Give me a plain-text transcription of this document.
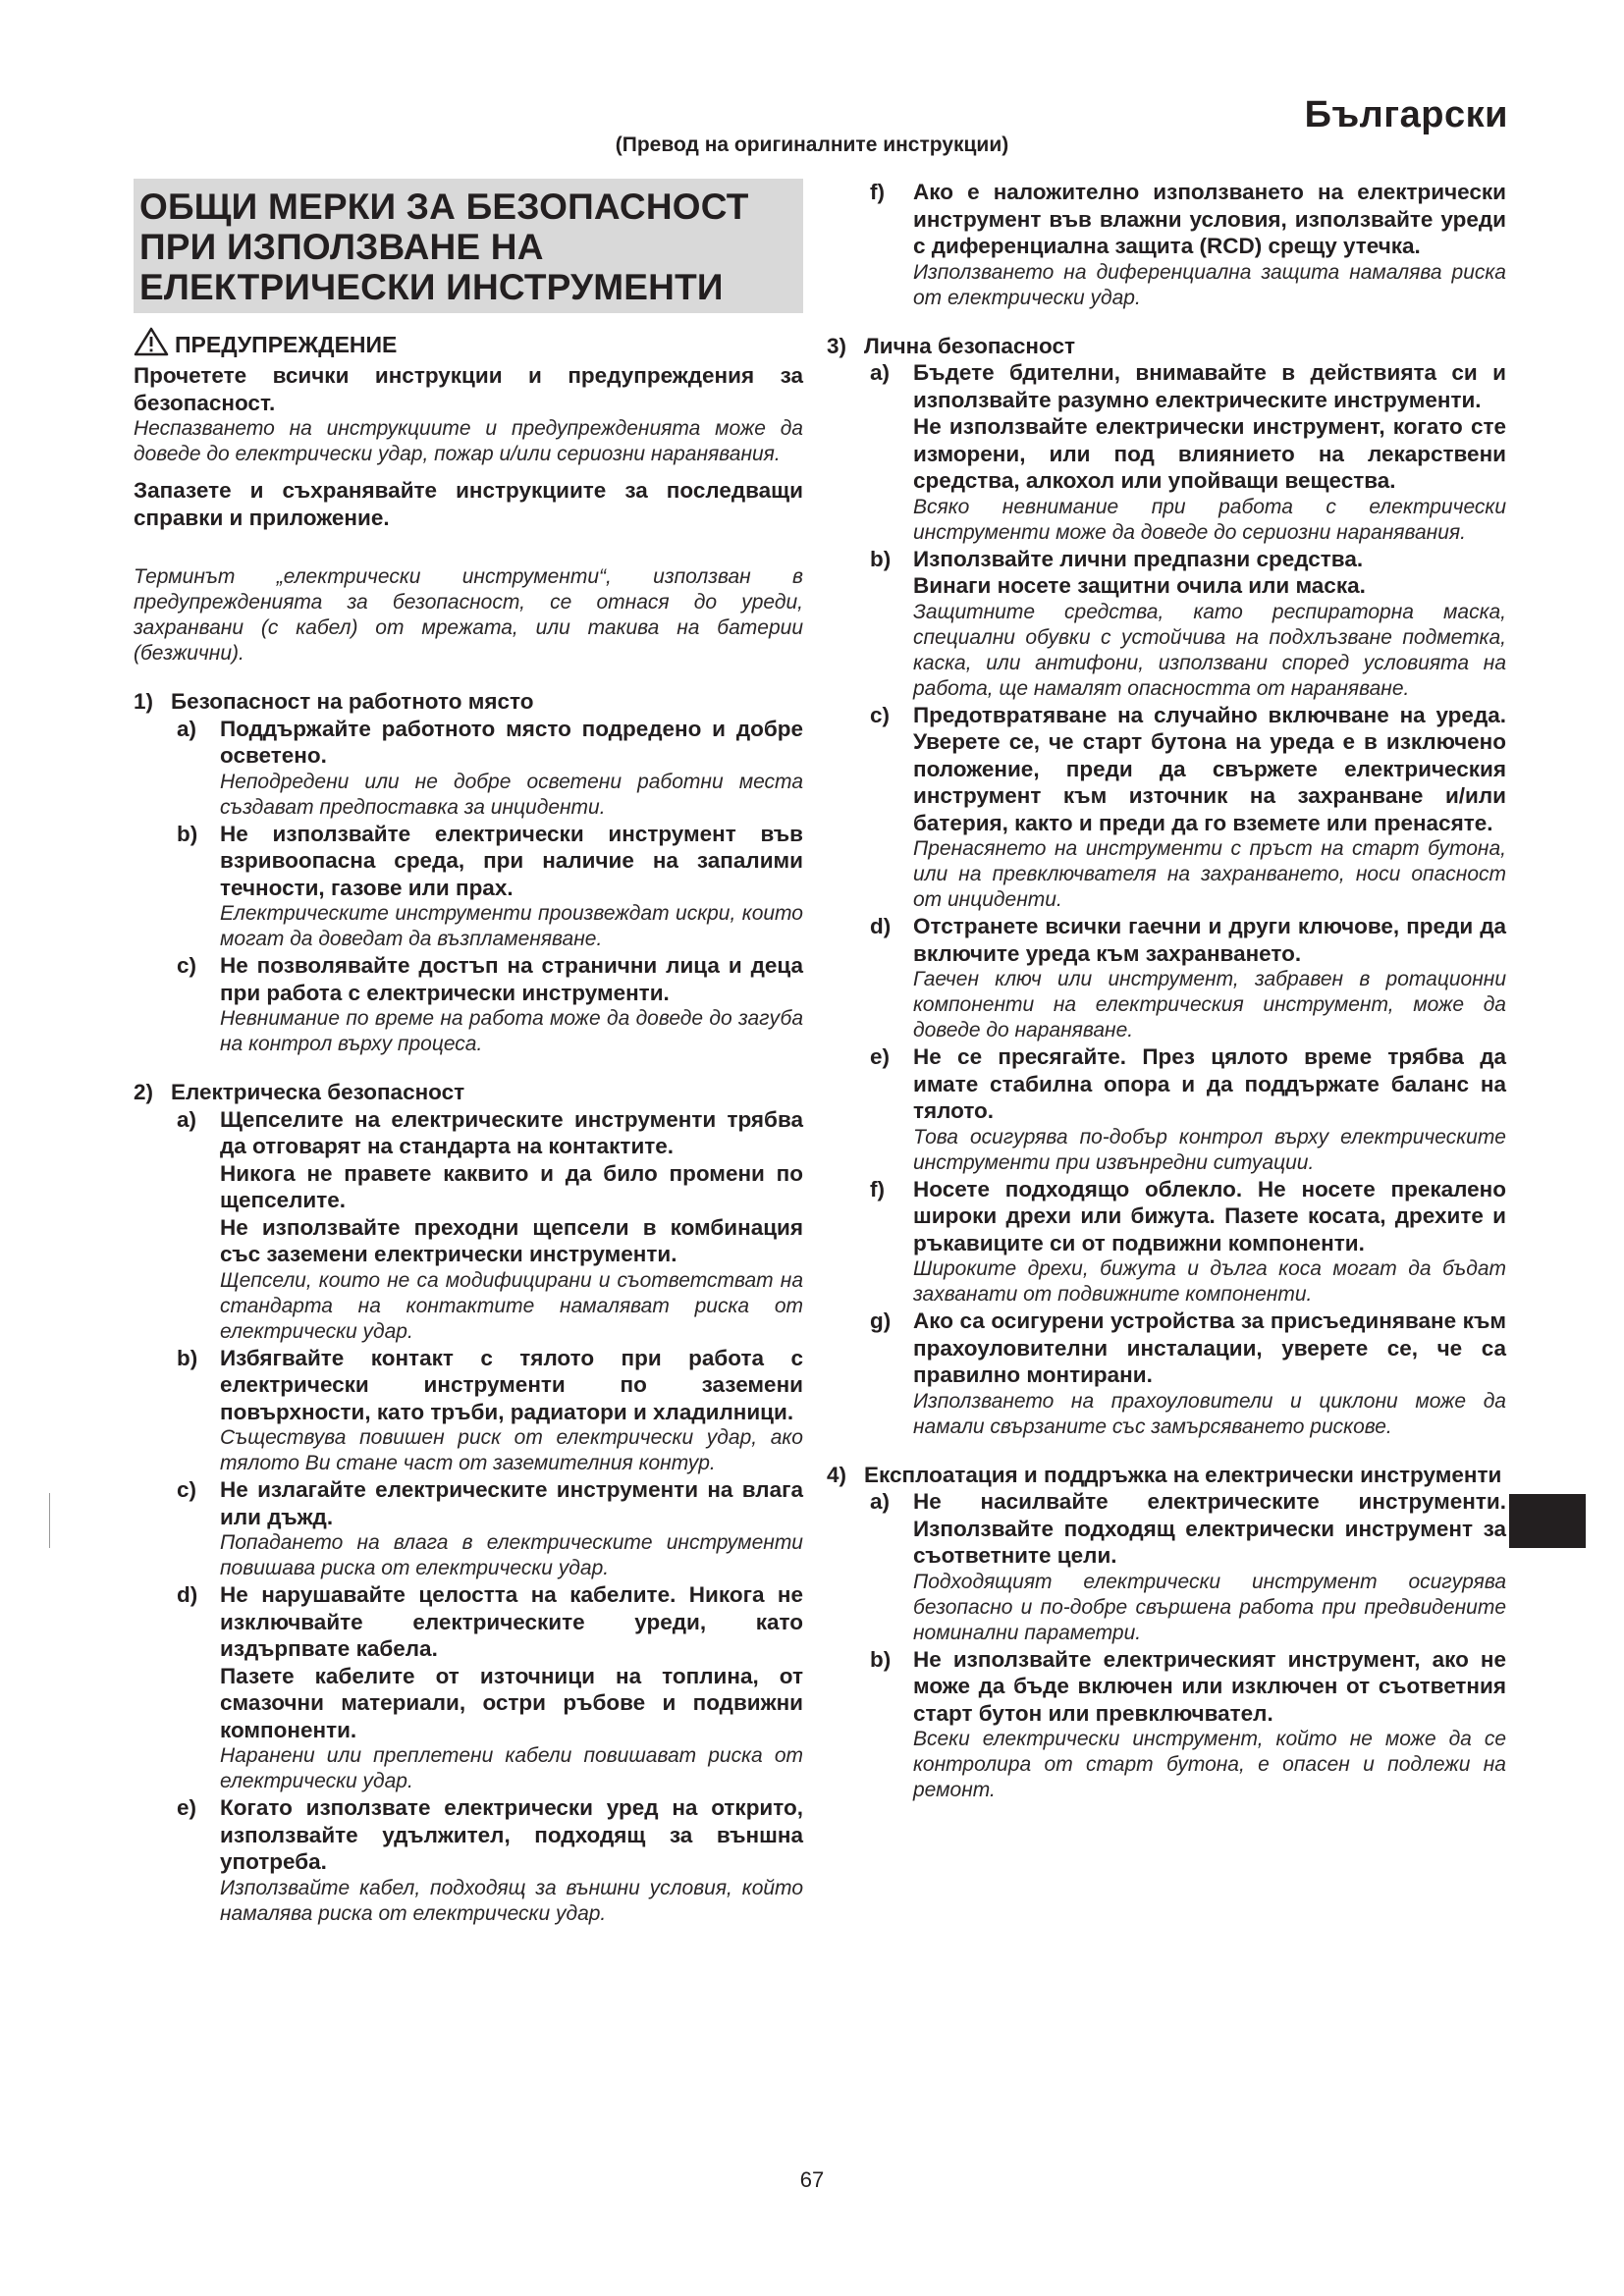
Български
(Превод на оригиналните инструкции)
ОБЩИ МЕРКИ ЗА БЕЗОПАСНОСТ
ПРИ ИЗПОЛЗВАНЕ НА
ЕЛЕКТРИЧЕСКИ ИНСТРУМЕНТИ
ПРЕДУПРЕЖДЕНИЕ

Прочетете всички инструкции и предупреждения за безопасност.

Неспазването на инструкциите и предупрежденията може да доведе до електрически удар, пожар и/или сериозни наранявания.

Запазете и съхранявайте инструкциите за последващи справки и приложение.

Терминът „електрически инструменти“, използван в предупрежденията за безопасност, се отнася до уреди, захранвани (с кабел) от мрежата, или такива на батерии (безжични).

1) Безопасност на работното място
a)	Поддържайте работното място подредено и добре осветено.

Неподредени или не добре осветени работни места създават предпоставка за инциденти.

b)	Не използвайте електрически инструмент във взривоопасна среда, при наличие на запалими течности, газове или прах.

Електрическите инструменти произвеждат искри, които могат да доведат да възпламеняване.

c)	Не позволявайте достъп на странични лица и деца при работа с електрически инструменти.

Невнимание по време на работа може да доведе до загуба на контрол върху процеса.

2) Електрическа безопасност
a)	Щепселите на електрическите инструменти трябва да отговарят на стандарта на контактите.

Никога не правете каквито и да било промени по щепселите.

Не използвайте преходни щепсели в комбинация със заземени електрически инструменти.

Щепсели, които не са модифицирани и съответстват на стандарта на контактите намаляват риска от електрически удар.

b)	Избягвайте контакт с тялото при работа с електрически инструменти по заземени повърхности, като тръби, радиатори и хладилници.

Съществува повишен риск от електрически удар, ако тялото Ви стане част от заземителния контур.

c)	Не излагайте електрическите инструменти на влага или дъжд.

Попадането на влага в електрическите инструменти повишава риска от електрически удар.

d)	Не нарушавайте целостта на кабелите. Никога не изключвайте електрическите уреди, като издърпвате кабела.

Пазете кабелите от източници на топлина, от смазочни материали, остри ръбове и подвижни компоненти.

Наранени или преплетени кабели повишават риска от електрически удар.

e)	Когато използвате електрически уред на открито, използвайте удължител, подходящ за външна употреба.

Използвайте кабел, подходящ за външни условия, който намалява риска от електрически удар.

f)	Ако е наложително използването на електрически инструмент във влажни условия, използвайте уреди с диференциална защита (RCD) срещу утечка.

Използването на диференциална защита намалява риска от електрически удар.

3) Лична безопасност
a)	Бъдете бдителни, внимавайте в действията си и използвайте разумно електрическите инструменти.

Не използвайте електрически инструмент, когато сте изморени, или под влиянието на лекарствени средства, алкохол или упойващи вещества.

Всяко невнимание при работа с електрически инструменти може да доведе до сериозни наранявания.

b)	Използвайте лични предпазни средства.

Винаги носете защитни очила или маска.

Защитните средства, като респираторна маска, специални обувки с устойчива на подхлъзване подметка, каска, или антифони, използвани според условията на работа, ще намалят опасността от нараняване.

c)	Предотвратяване на случайно включване на уреда. Уверете се, че старт бутона на уреда е в изключено положение, преди да свържете електрическия инструмент към източник на захранване и/или батерия, както и преди да го вземете или пренасяте.

Пренасянето на инструменти с пръст на старт бутона, или на превключвателя на захранването, носи опасност от инциденти.

d)	Отстранете всички гаечни и други ключове, преди да включите уреда към захранването.

Гаечен ключ или инструмент, забравен в ротационни компоненти на електрическия инструмент, може да доведе до нараняване.

e)	Не се пресягайте. През цялото време трябва да имате стабилна опора и да поддържате баланс на тялото.

Това осигурява по-добър контрол върху електрическите инструменти при извънредни ситуации.

f)	Носете подходящо облекло. Не носете прекалено широки дрехи или бижута. Пазете косата, дрехите и ръкавиците си от подвижни компоненти.

Широките дрехи, бижута и дълга коса могат да бъдат захванати от подвижните компоненти.

g)	Ако са осигурени устройства за присъединяване към прахоуловителни инсталации, уверете се, че са правилно монтирани.

Използването на прахоуловители и циклони може да намали свързаните със замърсяването рискове.

4) Експлоатация и поддръжка на електрически инструменти
a)	Не насилвайте електрическите инструменти. Използвайте подходящ електрически инструмент за съответните цели.

Подходящият електрически инструмент осигурява безопасно и по-добре свършена работа при предвидените номинални параметри.

b)	Не използвайте електрическият инструмент, ако не може да бъде включен или изключен от съответния старт бутон или превключвател.

Всеки електрически инструмент, който не може да се контролира от старт бутона, е опасен и подлежи на ремонт.

67
